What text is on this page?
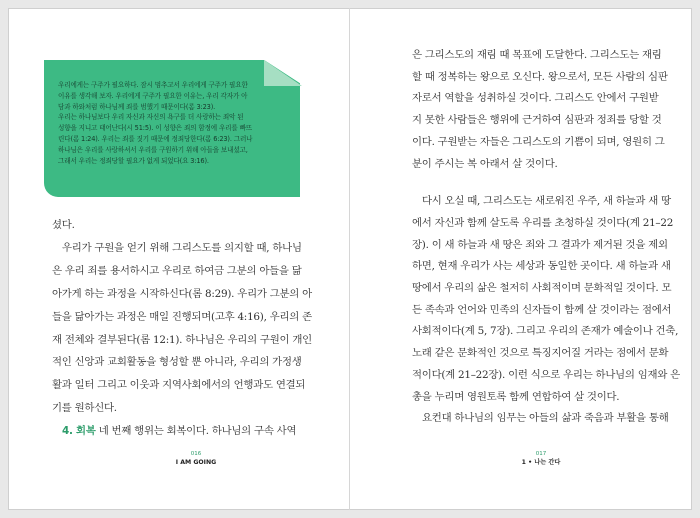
우리에게는 구주가 필요하다. 잠시 멈추고서 우리에게 구주가 필요한
이유를 생각해 보자. 우리에게 구주가 필요한 이유는, 우리 각자가 아
담과 하와처럼 하나님께 죄를 범했기 때문이다(롬 3:23).
우리는 하나님보다 우리 자신과 자신의 욕구를 더 사랑하는 죄악 된
성향을 지니고 태어난다(시 51:5). 이 성향은 죄의 함정에 우리를 빠뜨
린다(롬 1:24). 우리는 죄를 짓기 때문에 정죄당한다(롬 6:23). 그러나
하나님은 우리를 사랑하셔서 우리를 구원하기 위해 아들을 보내셨고,
그래서 우리는 정죄당할 필요가 없게 되었다(요 3:16).

셨다.

우리가 구원을 얻기 위해 그리스도를 의지할 때, 하나님

은 우리 죄를 용서하시고 우리로 하여금 그분의 아들을 닮

아가게 하는 과정을 시작하신다(롬 8:29). 우리가 그분의 아

들을 닮아가는 과정은 매일 진행되며(고후 4:16), 우리의 존

재 전체와 결부된다(롬 12:1). 하나님은 우리의 구원이 개인

적인 신앙과 교회활동을 형성할 뿐 아니라, 우리의 가정생

활과 일터 그리고 이웃과 지역사회에서의 언행과도 연결되

기를 원하신다.

4. 회복 네 번째 행위는 회복이다. 하나님의 구속 사역

은 그리스도의 재림 때 목표에 도달한다. 그리스도는 재림

할 때 정복하는 왕으로 오신다. 왕으로서, 모든 사람의 심판

자로서 역할을 성취하실 것이다. 그리스도 안에서 구원받

지 못한 사람들은 행위에 근거하여 심판과 정죄를 당할 것

이다. 구원받는 자들은 그리스도의 기쁨이 되며, 영원히 그

분이 주시는 복 아래서 살 것이다.

다시 오실 때, 그리스도는 새로워진 우주, 새 하늘과 새 땅

에서 자신과 함께 살도록 우리를 초청하실 것이다(계 21–22

장). 이 새 하늘과 새 땅은 죄와 그 결과가 제거된 것을 제외

하면, 현재 우리가 사는 세상과 동일한 곳이다. 새 하늘과 새

땅에서 우리의 삶은 철저히 사회적이며 문화적일 것이다. 모

든 족속과 언어와 민족의 신자들이 함께 살 것이라는 점에서

사회적이다(계 5, 7장). 그리고 우리의 존재가 예술이나 건축,

노래 같은 문화적인 것으로 특징지어질 거라는 점에서 문화

적이다(계 21–22장). 이런 식으로 우리는 하나님의 임재와 은

총을 누리며 영원토록 함께 연합하여 살 것이다.

요컨대 하나님의 임무는 아들의 삶과 죽음과 부활을 통해

016
I AM GOING
017
1 • 나는 간다
